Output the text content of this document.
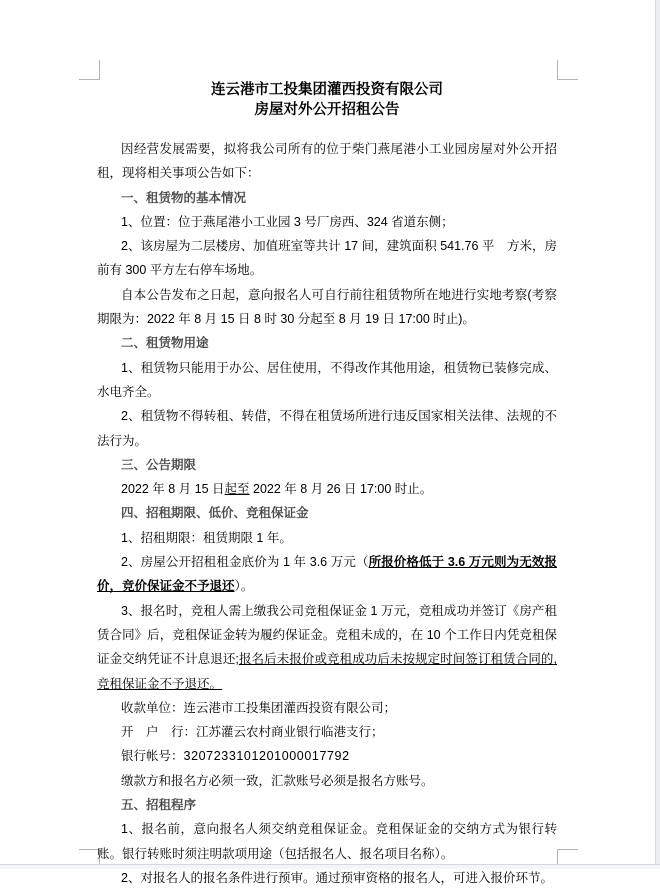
连云港市工投集团灌西投资有限公司
房屋对外公开招租公告

因经营发展需要，拟将我公司所有的位于柴门燕尾港小工业园房屋对外公开招租，现将相关事项公告如下：

一、租赁物的基本情况

1、位置：位于燕尾港小工业园 3 号厂房西、324 省道东侧；

2、该房屋为二层楼房、加值班室等共计 17 间，建筑面积 541.76 平　方米，房前有 300 平方左右停车场地。

自本公告发布之日起，意向报名人可自行前往租赁物所在地进行实地考察(考察期限为：2022 年 8 月 15 日 8 时 30 分起至 8 月 19 日 17:00 时止)。

二、租赁物用途

1、租赁物只能用于办公、居住使用，不得改作其他用途，租赁物已装修完成、水电齐全。

2、租赁物不得转租、转借，不得在租赁场所进行违反国家相关法律、法规的不法行为。

三、公告期限

2022 年 8 月 15 日起至 2022 年 8 月 26 日 17:00 时止。

四、招租期限、低价、竞租保证金

1、招租期限：租赁期限 1 年。

2、房屋公开招租租金底价为 1 年 3.6 万元（所报价格低于 3.6 万元则为无效报价，竞价保证金不予退还）。

3、报名时，竞租人需上缴我公司竞租保证金 1 万元，竞租成功并签订《房产租赁合同》后，竞租保证金转为履约保证金。竞租未成的，在 10 个工作日内凭竞租保证金交纳凭证不计息退还;报名后未报价或竞租成功后未按规定时间签订租赁合同的,竞租保证金不予退还。

收款单位：连云港市工投集团灌西投资有限公司；

开　户　行：江苏灌云农村商业银行临港支行；

银行帐号：3207233101201000017792

缴款方和报名方必须一致，汇款账号必须是报名方账号。

五、招租程序

1、报名前，意向报名人须交纳竞租保证金。竞租保证金的交纳方式为银行转账。银行转账时须注明款项用途（包括报名人、报名项目名称）。

2、对报名人的报名条件进行预审。通过预审资格的报名人，可进入报价环节。
